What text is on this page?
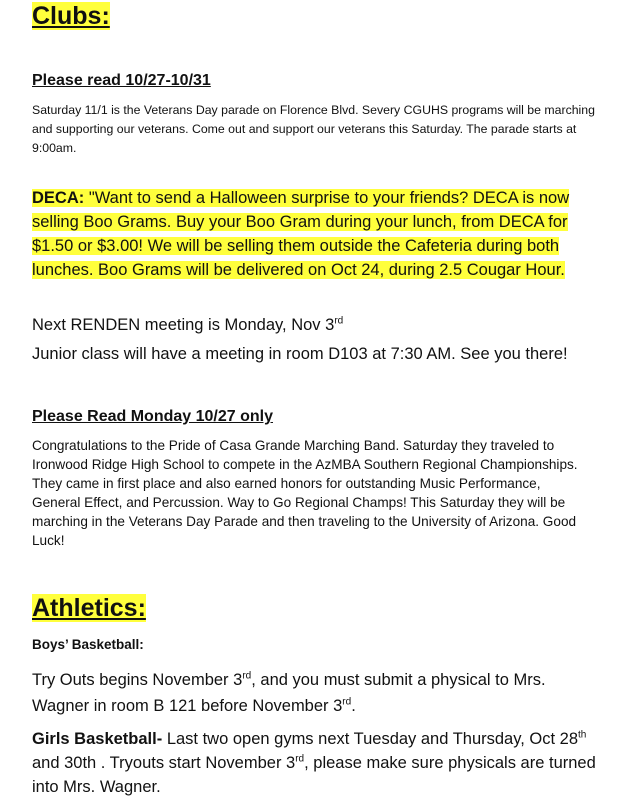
Clubs:
Please read 10/27-10/31
Saturday 11/1 is the Veterans Day parade on Florence Blvd. Severy CGUHS programs will be marching
and supporting our veterans. Come out and support our veterans this Saturday. The parade starts at
9:00am.
DECA: "Want to send a Halloween surprise to your friends? DECA is now
selling Boo Grams. Buy your Boo Gram during your lunch, from DECA for
$1.50 or $3.00! We will be selling them outside the Cafeteria during both
lunches. Boo Grams will be delivered on Oct 24, during 2.5 Cougar Hour.
Next RENDEN meeting is Monday, Nov 3rd
Junior class will have a meeting in room D103 at 7:30 AM. See you there!
Please Read Monday 10/27 only
Congratulations to the Pride of Casa Grande Marching Band. Saturday they traveled to
Ironwood Ridge High School to compete in the AzMBA Southern Regional Championships.
They came in first place and also earned honors for outstanding Music Performance,
General Effect, and Percussion. Way to Go Regional Champs! This Saturday they will be
marching in the Veterans Day Parade and then traveling to the University of Arizona. Good
Luck!
Athletics:
Boys’ Basketball:
Try Outs begins November 3rd, and you must submit a physical to Mrs.
Wagner in room B 121 before November 3rd.
Girls Basketball- Last two open gyms next Tuesday and Thursday, Oct 28th
and 30th . Tryouts start November 3rd, please make sure physicals are turned
into Mrs. Wagner.
